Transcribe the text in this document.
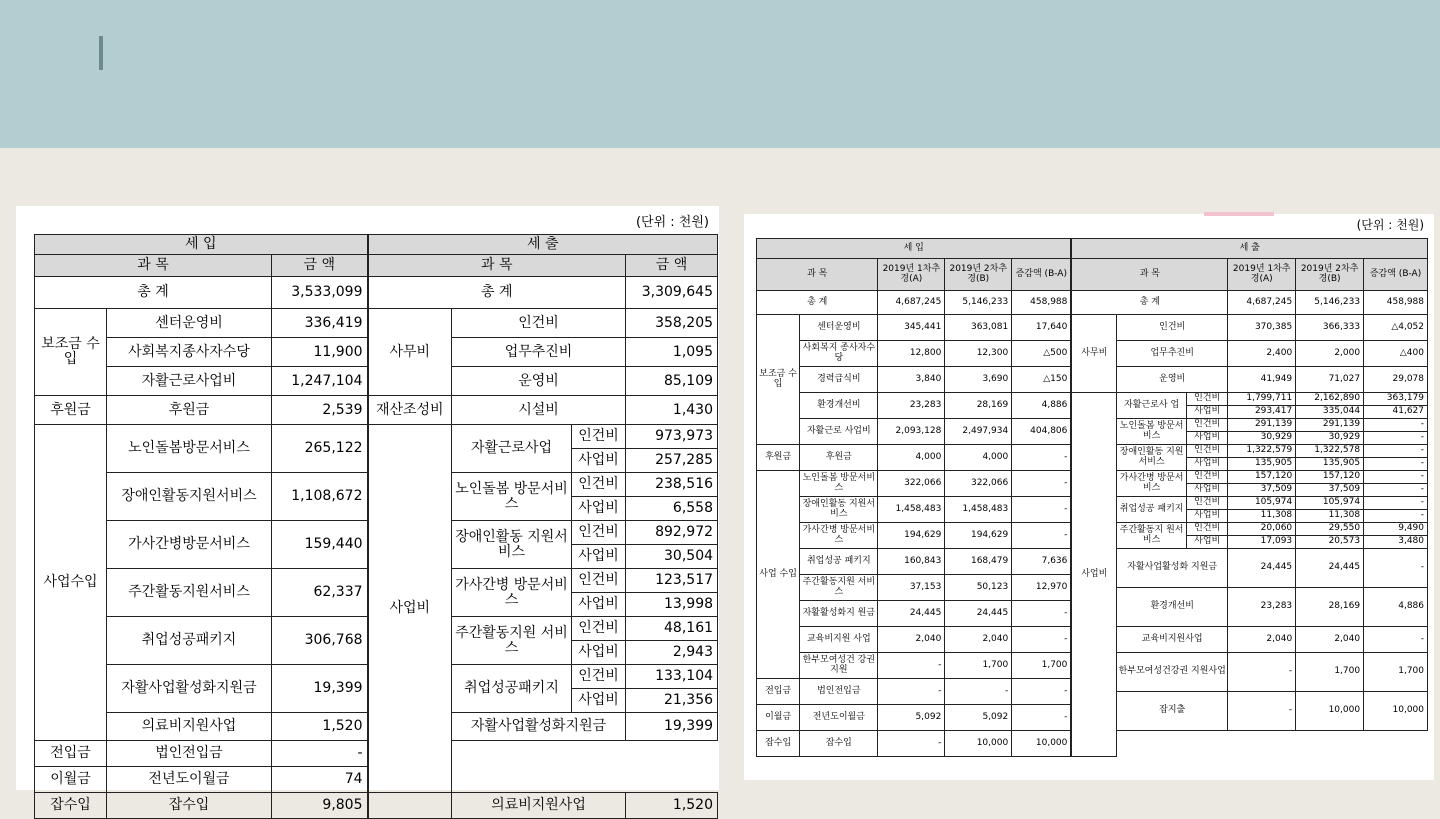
(단위 : 천원)
세 입			세 출			
과 목		금 액	과 목			금 액
총 계		3,533,099	총 계			3,309,645
보조금 수입	센터운영비	336,419	사무비	인건비		358,205
	사회복지종사자수당	11,900		업무추진비		1,095
	자활근로사업비	1,247,104		운영비		85,109
후원금	후원금	2,539	재산조성비	시설비		1,430
사업수입	노인돌봄방문서비스	265,122	사업비	자활근로사업	인건비	973,973
					사업비	257,285
	장애인활동지원서비스	1,108,672		노인돌봄 방문서비스	인건비	238,516
					사업비	6,558
	가사간병방문서비스	159,440		장애인활동 지원서비스	인건비	892,972
					사업비	30,504
	주간활동지원서비스	62,337		가사간병 방문서비스	인건비	123,517
					사업비	13,998
	취업성공패키지	306,768		주간활동지원 서비스	인건비	48,161
					사업비	2,943
	자활사업활성화지원금	19,399		취업성공패키지	인건비	133,104
					사업비	21,356
	의료비지원사업	1,520		자활사업활성화지원금		19,399

전입금	법인전입금	-				
이월금	전년도이월금	74				
잡수입	잡수입	9,805		의료비지원사업		1,520
(단위 : 천원)
세 입					세 출					
과 목		2019년 1차추경(A)	2019년 2차추경(B)	증감액 (B-A)	과 목			2019년 1차추경(A)	2019년 2차추경(B)	증감액 (B-A)
총 계		4,687,245	5,146,233	458,988	총 계			4,687,245	5,146,233	458,988
보조금 수입	센터운영비	345,441	363,081	17,640	사무비	인건비		370,385	366,333	△4,052

	사회복지 종사자수당	12,800	12,300	△500		업무추진비		2,400	2,000	△400

	경력급식비	3,840	3,690	△150		운영비		41,949	71,027	29,078

	환경개선비	23,283	28,169	4,886	사업비	자활근로사 업	인건비	1,799,711	2,162,890	363,179
							사업비	293,417	335,044	41,627
	자활근로 사업비	2,093,128	2,497,934	404,806		노인돌봄 방문서비스	인건비	291,139	291,139	-
							사업비	30,929	30,929	-
후원금	후원금	4,000	4,000	-		장애인활동 지원서비스	인건비	1,322,579	1,322,578	-
							사업비	135,905	135,905	-
사업 수입	노인돌봄 방문서비스	322,066	322,066	-		가사간병 방문서비스	인건비	157,120	157,120	-
							사업비	37,509	37,509	-
	장애인활동 지원서비스	1,458,483	1,458,483	-		취업성공 패키지	인건비	105,974	105,974	-
							사업비	11,308	11,308	-
	가사간병 방문서비스	194,629	194,629	-		주간활동지 원서비스	인건비	20,060	29,550	9,490
							사업비	17,093	20,573	3,480
	취업성공 패키지	160,843	168,479	7,636		자활사업활성화 지원금		24,445	24,445	-

	주간활동지원 서비스	37,153	50,123	12,970						
						환경개선비		23,283	28,169	4,886
	자활활성화지 원금	24,445	24,445	-						

	교육비지원 사업	2,040	2,040	-		교육비지원사업		2,040	2,040	-

	한부모여성건 강권지원	-	1,700	1,700		한부모여성건강권 지원사업		-	1,700	1,700

전입금	법인전입금	-	-	-						
						잡지출		-	10,000	10,000
이월금	전년도이월금	5,092	5,092	-						

잡수입	잡수입	-	10,000	10,000						
